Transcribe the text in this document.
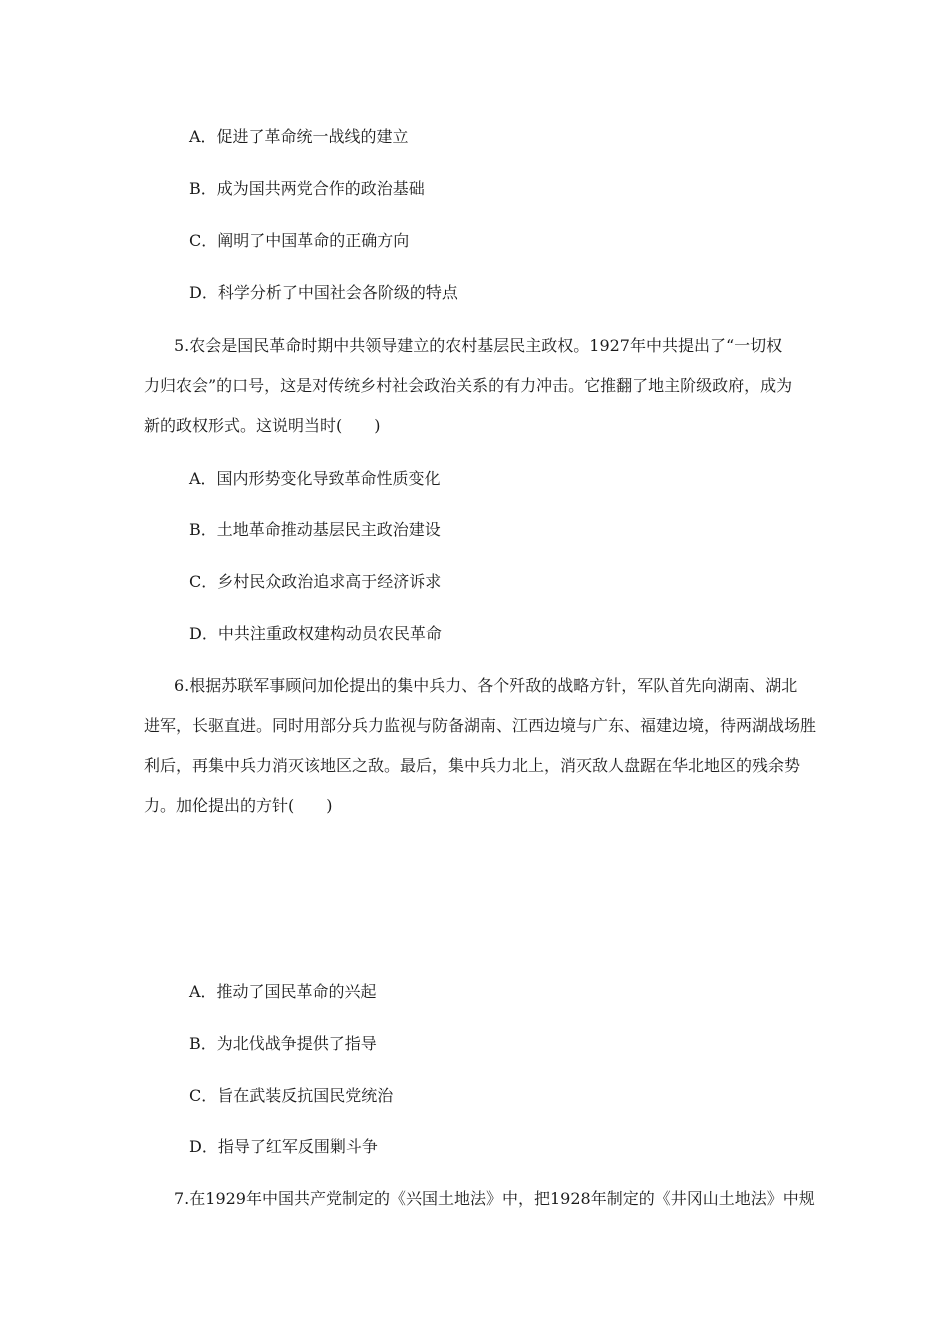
A．促进了革命统一战线的建立
B．成为国共两党合作的政治基础
C．阐明了中国革命的正确方向
D．科学分析了中国社会各阶级的特点
5.农会是国民革命时期中共领导建立的农村基层民主政权。1927年中共提出了“一切权
力归农会”的口号，这是对传统乡村社会政治关系的有力冲击。它推翻了地主阶级政府，成为
新的政权形式。这说明当时(　　)
A．国内形势变化导致革命性质变化
B．土地革命推动基层民主政治建设
C．乡村民众政治追求高于经济诉求
D．中共注重政权建构动员农民革命
6.根据苏联军事顾问加伦提出的集中兵力、各个歼敌的战略方针，军队首先向湖南、湖北
进军，长驱直进。同时用部分兵力监视与防备湖南、江西边境与广东、福建边境，待两湖战场胜
利后，再集中兵力消灭该地区之敌。最后，集中兵力北上，消灭敌人盘踞在华北地区的残余势
力。加伦提出的方针(　　)
A．推动了国民革命的兴起
B．为北伐战争提供了指导
C．旨在武装反抗国民党统治
D．指导了红军反围剿斗争
7.在1929年中国共产党制定的《兴国土地法》中，把1928年制定的《井冈山土地法》中规
